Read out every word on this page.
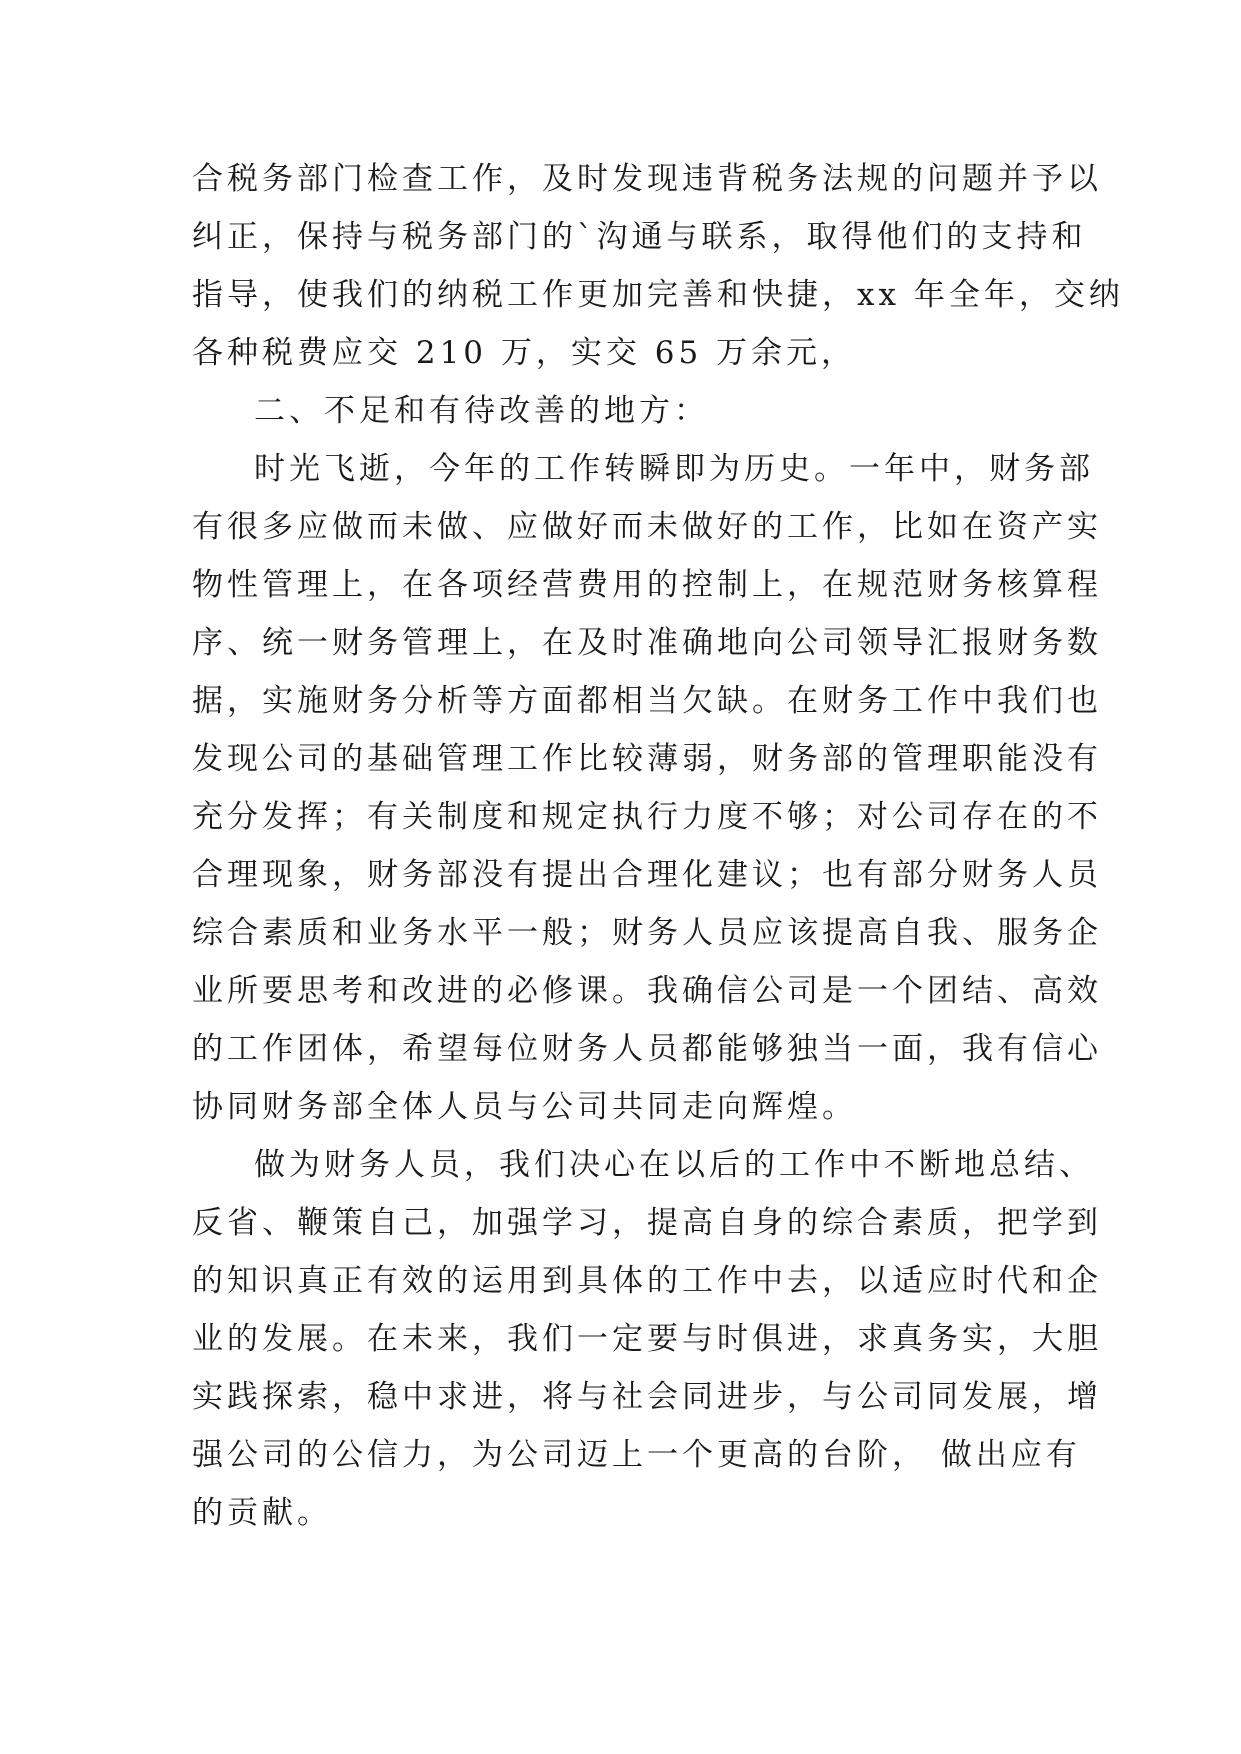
合税务部门检查工作，及时发现违背税务法规的问题并予以
纠正，保持与税务部门的`沟通与联系，取得他们的支持和
指导，使我们的纳税工作更加完善和快捷，xx 年全年，交纳
各种税费应交 210 万，实交 65 万余元，
二、不足和有待改善的地方：
时光飞逝，今年的工作转瞬即为历史。一年中，财务部
有很多应做而未做、应做好而未做好的工作，比如在资产实
物性管理上，在各项经营费用的控制上，在规范财务核算程
序、统一财务管理上，在及时准确地向公司领导汇报财务数
据，实施财务分析等方面都相当欠缺。在财务工作中我们也
发现公司的基础管理工作比较薄弱，财务部的管理职能没有
充分发挥；有关制度和规定执行力度不够；对公司存在的不
合理现象，财务部没有提出合理化建议；也有部分财务人员
综合素质和业务水平一般；财务人员应该提高自我、服务企
业所要思考和改进的必修课。我确信公司是一个团结、高效
的工作团体，希望每位财务人员都能够独当一面，我有信心
协同财务部全体人员与公司共同走向辉煌。
做为财务人员，我们决心在以后的工作中不断地总结、
反省、鞭策自己，加强学习，提高自身的综合素质，把学到
的知识真正有效的运用到具体的工作中去，以适应时代和企
业的发展。在未来，我们一定要与时俱进，求真务实，大胆
实践探索，稳中求进，将与社会同进步，与公司同发展，增
强公司的公信力，为公司迈上一个更高的台阶， 做出应有
的贡献。
